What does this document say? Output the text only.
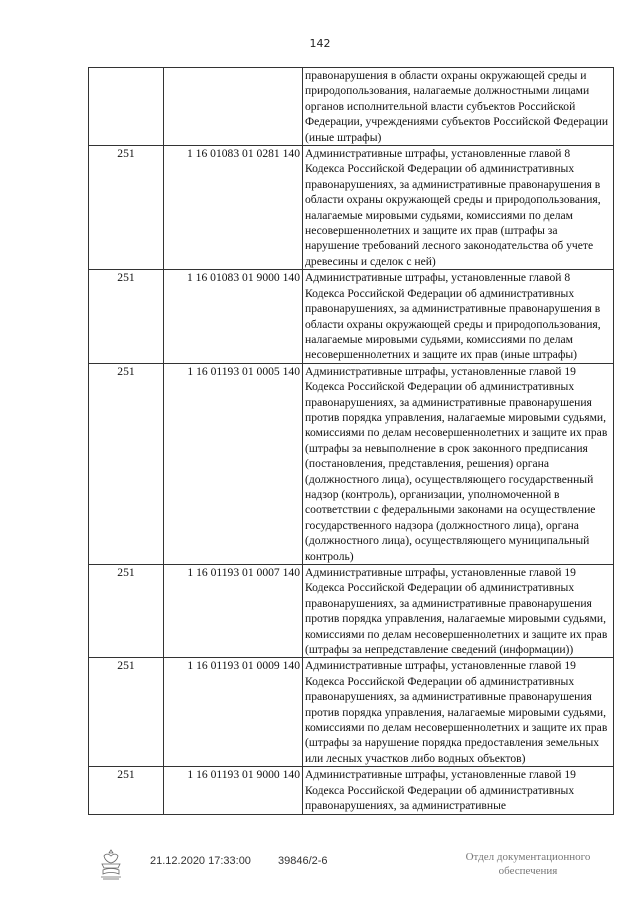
142
		правонарушения в области охраны окружающей среды и природопользования, налагаемые должностными лицами органов исполнительной власти субъектов Российской Федерации, учреждениями субъектов Российской Федерации (иные штрафы)
251	1 16 01083 01 0281 140	Административные штрафы, установленные главой 8 Кодекса Российской Федерации об административных правонарушениях, за административные правонарушения в области охраны окружающей среды и природопользования, налагаемые мировыми судьями, комиссиями по делам несовершеннолетних и защите их прав (штрафы за нарушение требований лесного законодательства об учете древесины и сделок с ней)
251	1 16 01083 01 9000 140	Административные штрафы, установленные главой 8 Кодекса Российской Федерации об административных правонарушениях, за административные правонарушения в области охраны окружающей среды и природопользования, налагаемые мировыми судьями, комиссиями по делам несовершеннолетних и защите их прав (иные штрафы)
251	1 16 01193 01 0005 140	Административные штрафы, установленные главой 19 Кодекса Российской Федерации об административных правонарушениях, за административные правонарушения против порядка управления, налагаемые мировыми судьями, комиссиями по делам несовершеннолетних и защите их прав (штрафы за невыполнение в срок законного предписания (постановления, представления, решения) органа (должностного лица), осуществляющего государственный надзор (контроль), организации, уполномоченной в соответствии с федеральными законами на осуществление государственного надзора (должностного лица), органа (должностного лица), осуществляющего муниципальный контроль)
251	1 16 01193 01 0007 140	Административные штрафы, установленные главой 19 Кодекса Российской Федерации об административных правонарушениях, за административные правонарушения против порядка управления, налагаемые мировыми судьями, комиссиями по делам несовершеннолетних и защите их прав (штрафы за непредставление сведений (информации))
251	1 16 01193 01 0009 140	Административные штрафы, установленные главой 19 Кодекса Российской Федерации об административных правонарушениях, за административные правонарушения против порядка управления, налагаемые мировыми судьями, комиссиями по делам несовершеннолетних и защите их прав (штрафы за нарушение порядка предоставления земельных или лесных участков либо водных объектов)
251	1 16 01193 01 9000 140	Административные штрафы, установленные главой 19 Кодекса Российской Федерации об административных правонарушениях, за административные
21.12.2020 17:33:00 39846/2-6	Отдел документационного
обеспечения
